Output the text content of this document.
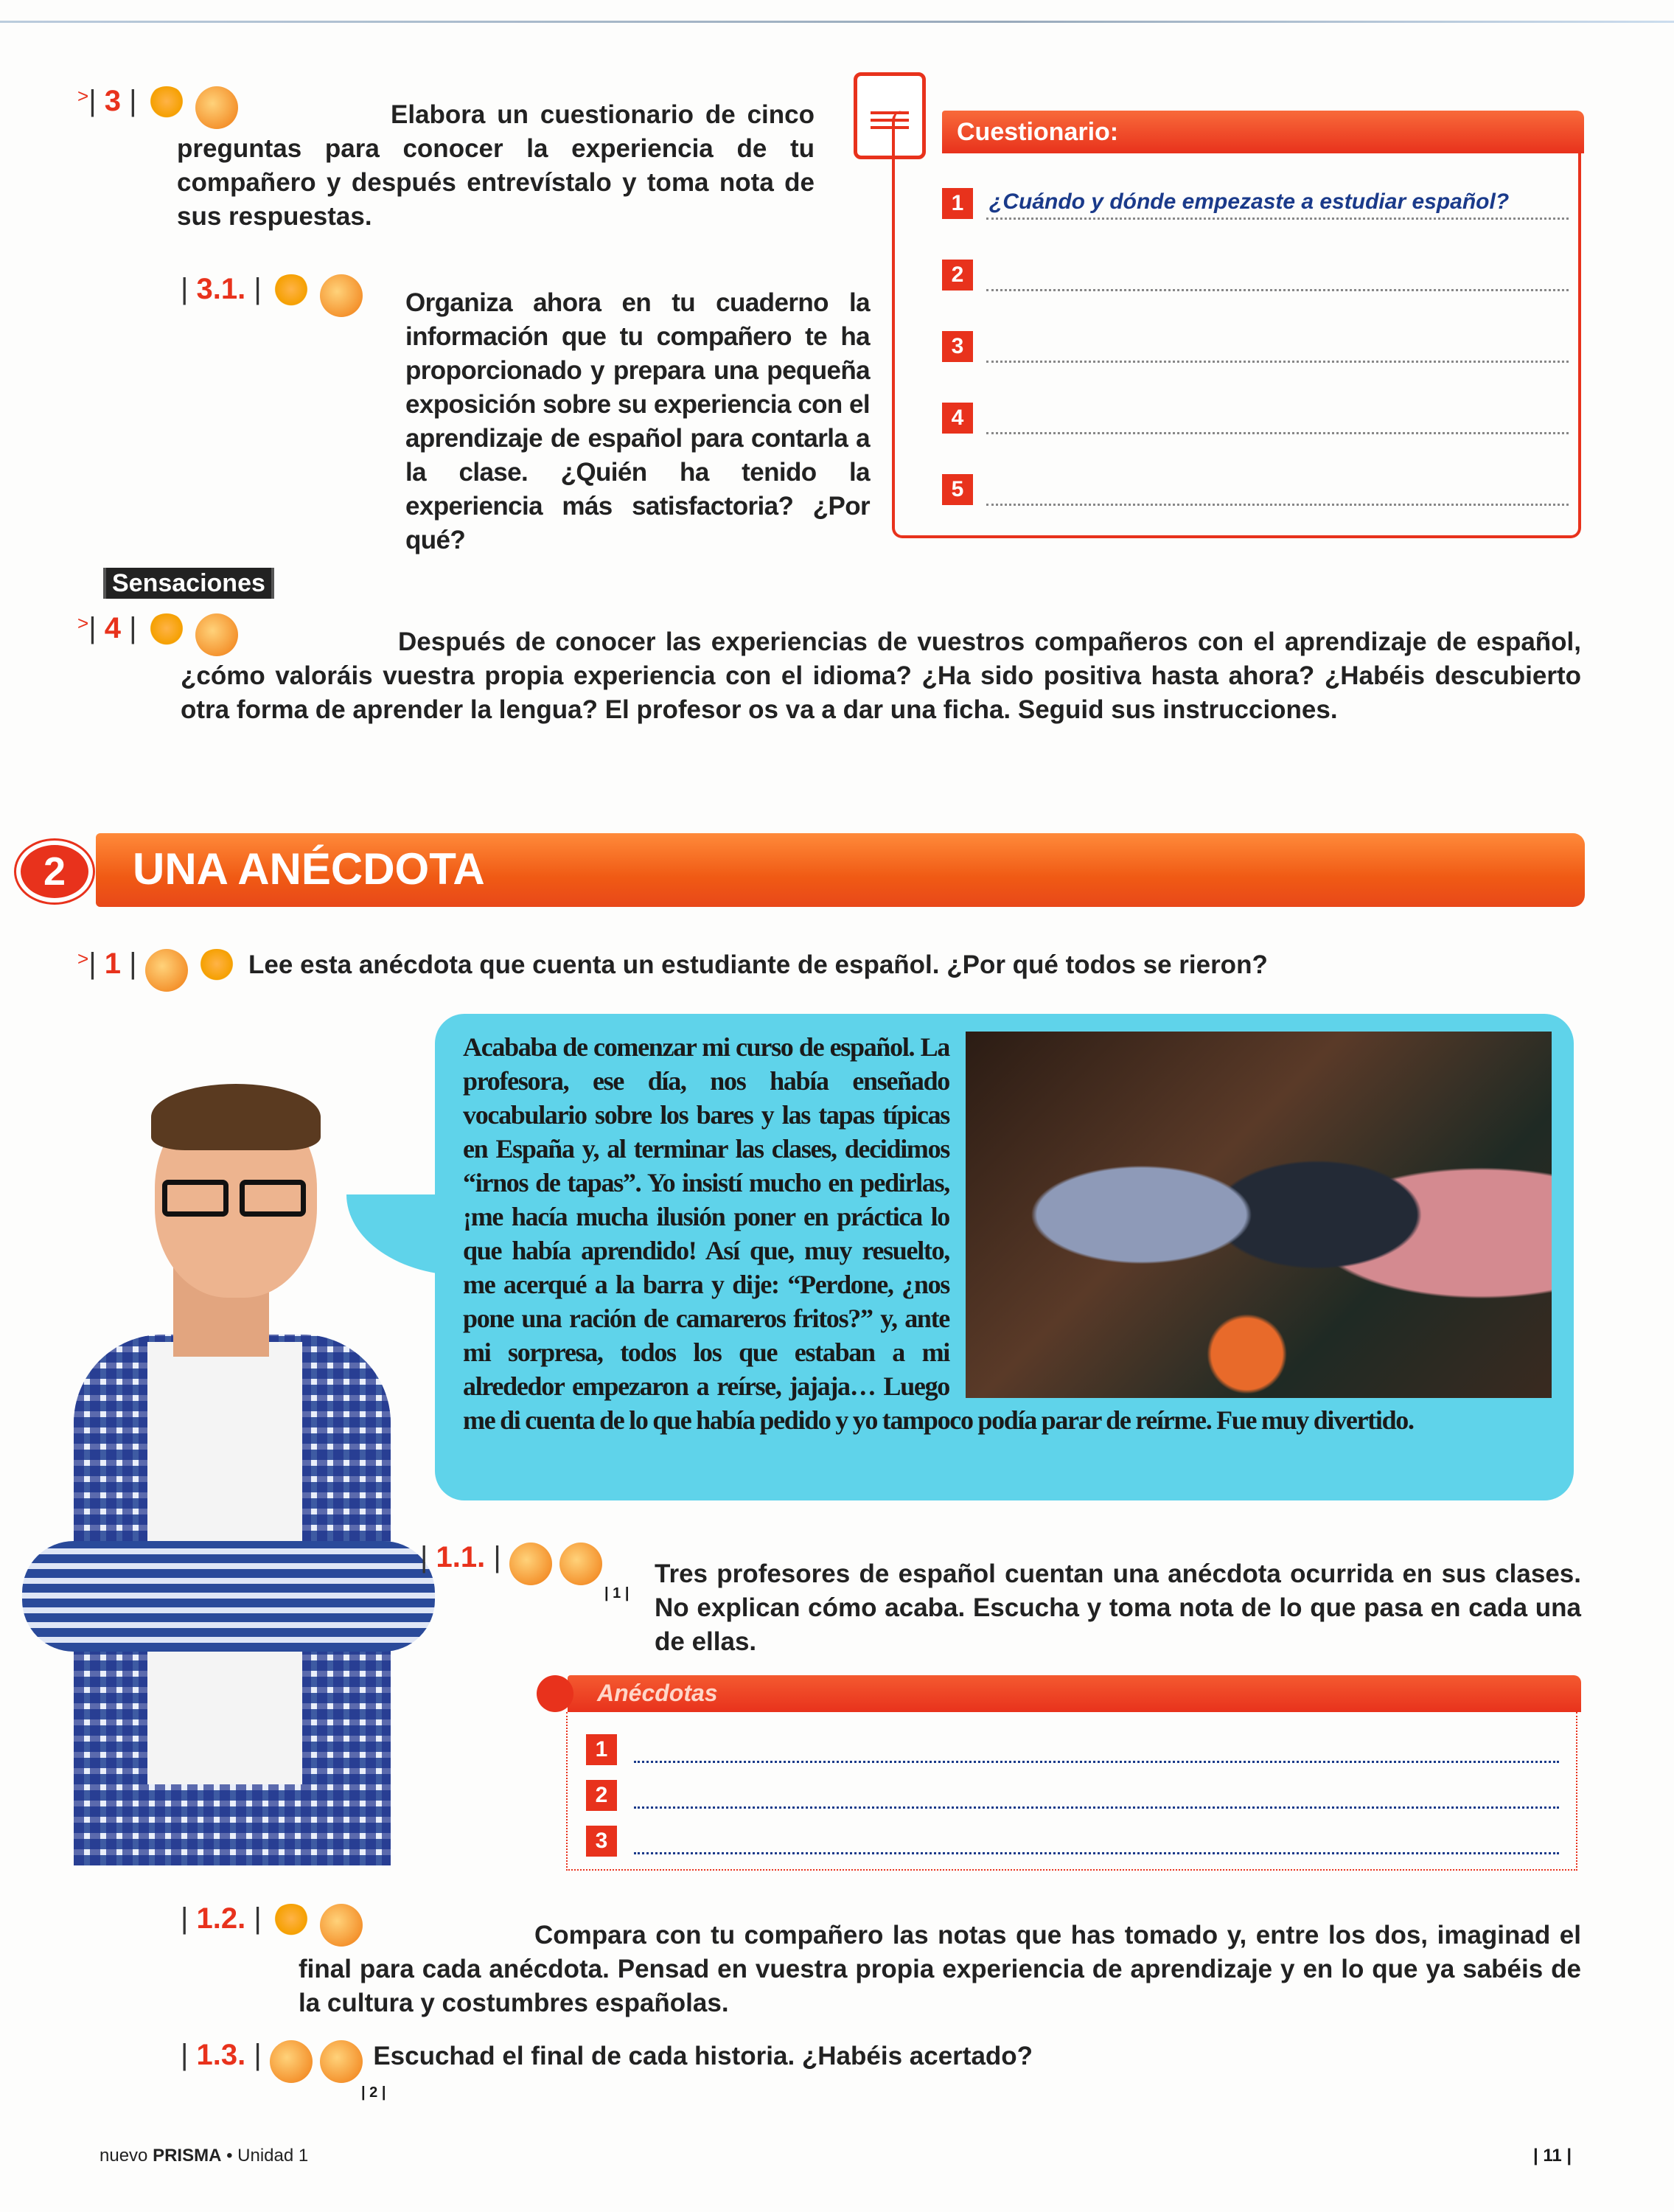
>| 3 |	Elabora un cuestionario de cinco preguntas para conocer la experiencia de tu compañero y después entrevístalo y toma nota de sus respuestas.
| 3.1. |	Organiza ahora en tu cuaderno la información que tu compañero te ha proporcionado y prepara una pequeña exposición sobre su experiencia con el aprendizaje de español para contarla a la clase. ¿Quién ha tenido la experiencia más satisfactoria? ¿Por qué?
Cuestionario:
1 ¿Cuándo y dónde empezaste a estudiar español?
2
3
4
5
Sensaciones
>| 4 |	Después de conocer las experiencias de vuestros compañeros con el aprendizaje de español, ¿cómo valoráis vuestra propia experiencia con el idioma? ¿Ha sido positiva hasta ahora? ¿Habéis descubierto otra forma de aprender la lengua? El profesor os va a dar una ficha. Seguid sus instrucciones.
UNA ANÉCDOTA
2
>| 1 |	Lee esta anécdota que cuenta un estudiante de español. ¿Por qué todos se rieron?
Acababa de comenzar mi curso de español. La profesora, ese día, nos había enseñado vocabulario sobre los bares y las tapas típicas en España y, al terminar las clases, decidimos “irnos de tapas”. Yo insistí mucho en pedirlas, ¡me hacía mucha ilusión poner en práctica lo que había aprendido! Así que, muy resuelto, me acerqué a la barra y dije: “Perdone, ¿nos pone una ración de camareros fritos?” y, ante mi sorpresa, todos los que estaban a mi alrededor empezaron a reírse, jajaja… Luego me di cuenta de lo que había pedido y yo tampoco podía parar de reírme. Fue muy divertido.
| 1.1. |
| 1 |
Tres profesores de español cuentan una anécdota ocurrida en sus clases. No explican cómo acaba. Escucha y toma nota de lo que pasa en cada una de ellas.
Anécdotas
1
2
3
| 1.2. |
Compara con tu compañero las notas que has tomado y, entre los dos, imaginad el final para cada anécdota. Pensad en vuestra propia experiencia de aprendizaje y en lo que ya sabéis de la cultura y costumbres españolas.
| 1.3. |	Escuchad el final de cada historia. ¿Habéis acertado?
| 2 |
nuevo PRISMA • Unidad 1	| 11 |
